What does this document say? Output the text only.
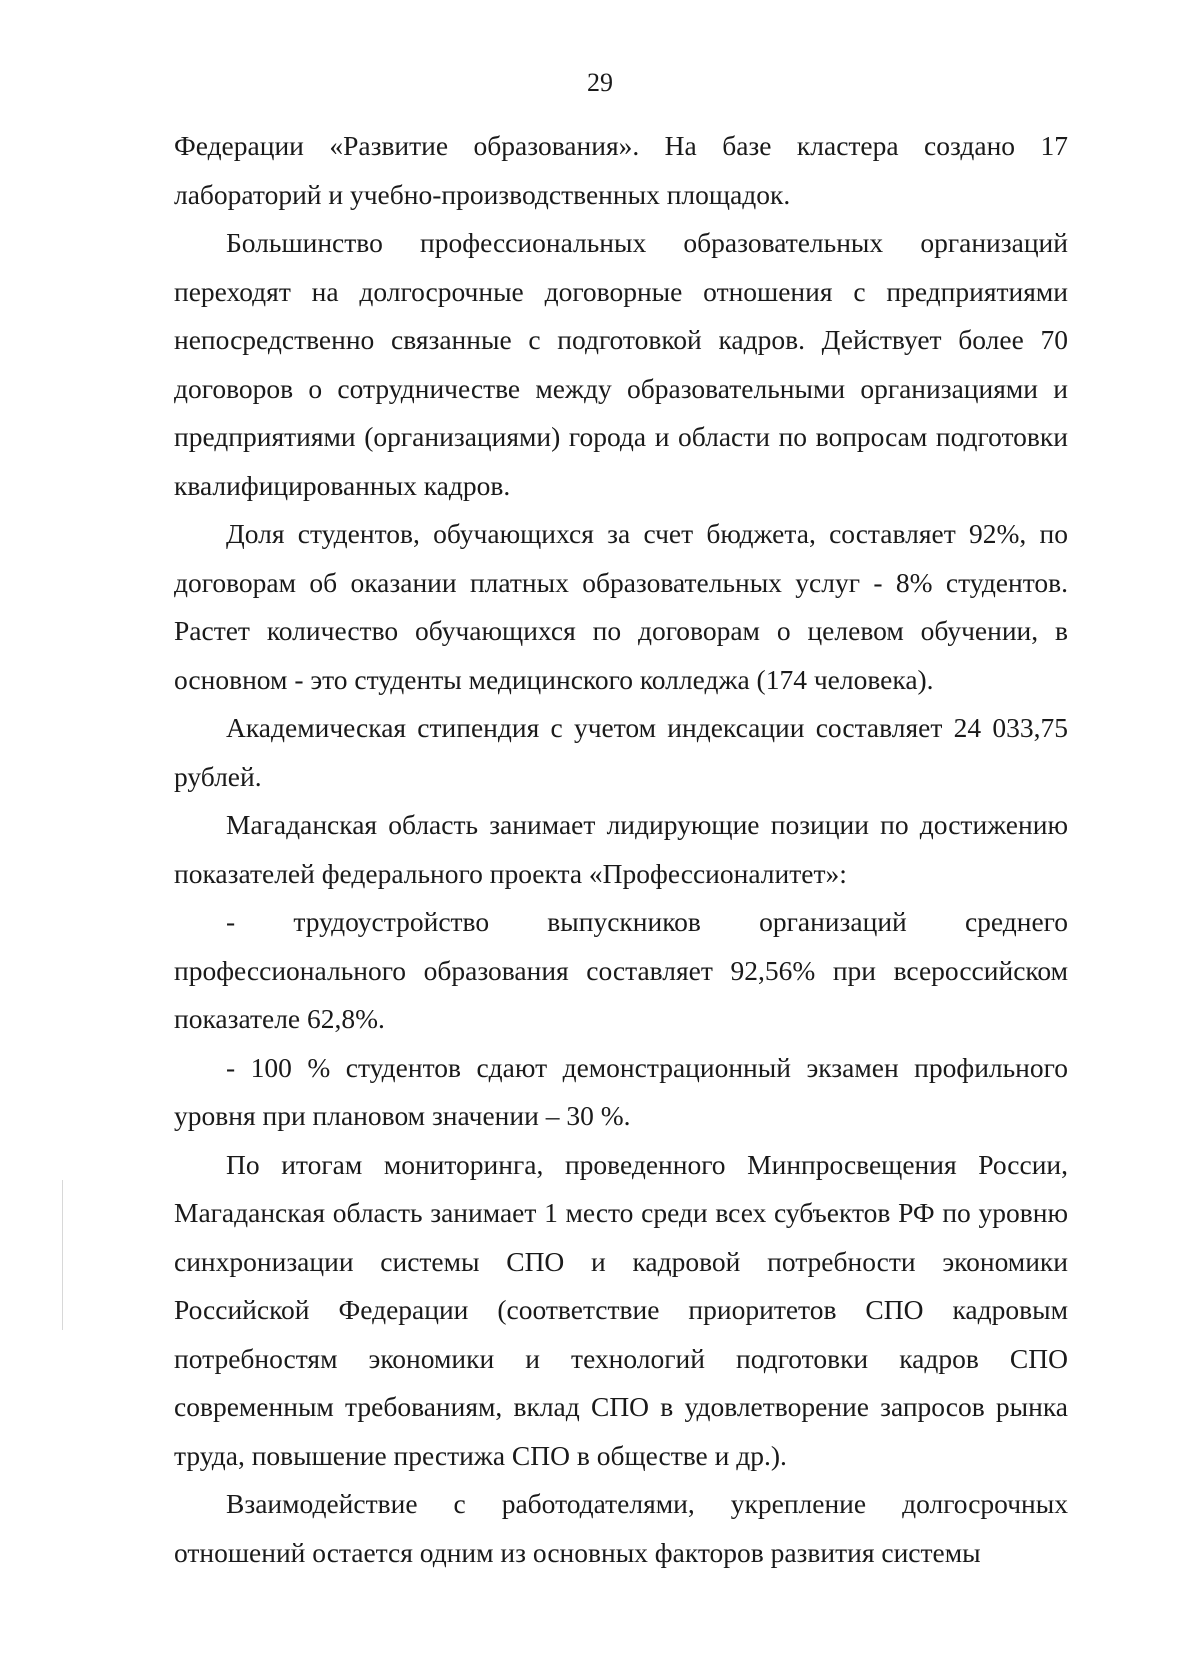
29

Федерации «Развитие образования». На базе кластера создано 17 лабораторий и учебно-производственных площадок.

Большинство профессиональных образовательных организаций переходят на долгосрочные договорные отношения с предприятиями непосредственно связанные с подготовкой кадров. Действует более 70 договоров о сотрудничестве между образовательными организациями и предприятиями (организациями) города и области по вопросам подготовки квалифицированных кадров.

Доля студентов, обучающихся за счет бюджета, составляет 92%, по договорам об оказании платных образовательных услуг - 8% студентов. Растет количество обучающихся по договорам о целевом обучении, в основном - это студенты медицинского колледжа (174 человека).

Академическая стипендия с учетом индексации составляет 24 033,75 рублей.

Магаданская область занимает лидирующие позиции по достижению показателей федерального проекта «Профессионалитет»:

- трудоустройство выпускников организаций среднего профессионального образования составляет 92,56% при всероссийском показателе 62,8%.

- 100 % студентов сдают демонстрационный экзамен профильного уровня при плановом значении – 30 %.

По итогам мониторинга, проведенного Минпросвещения России, Магаданская область занимает 1 место среди всех субъектов РФ по уровню синхронизации системы СПО и кадровой потребности экономики Российской Федерации (соответствие приоритетов СПО кадровым потребностям экономики и технологий подготовки кадров СПО современным требованиям, вклад СПО в удовлетворение запросов рынка труда, повышение престижа СПО в обществе и др.).

Взаимодействие с работодателями, укрепление долгосрочных отношений остается одним из основных факторов развития системы
